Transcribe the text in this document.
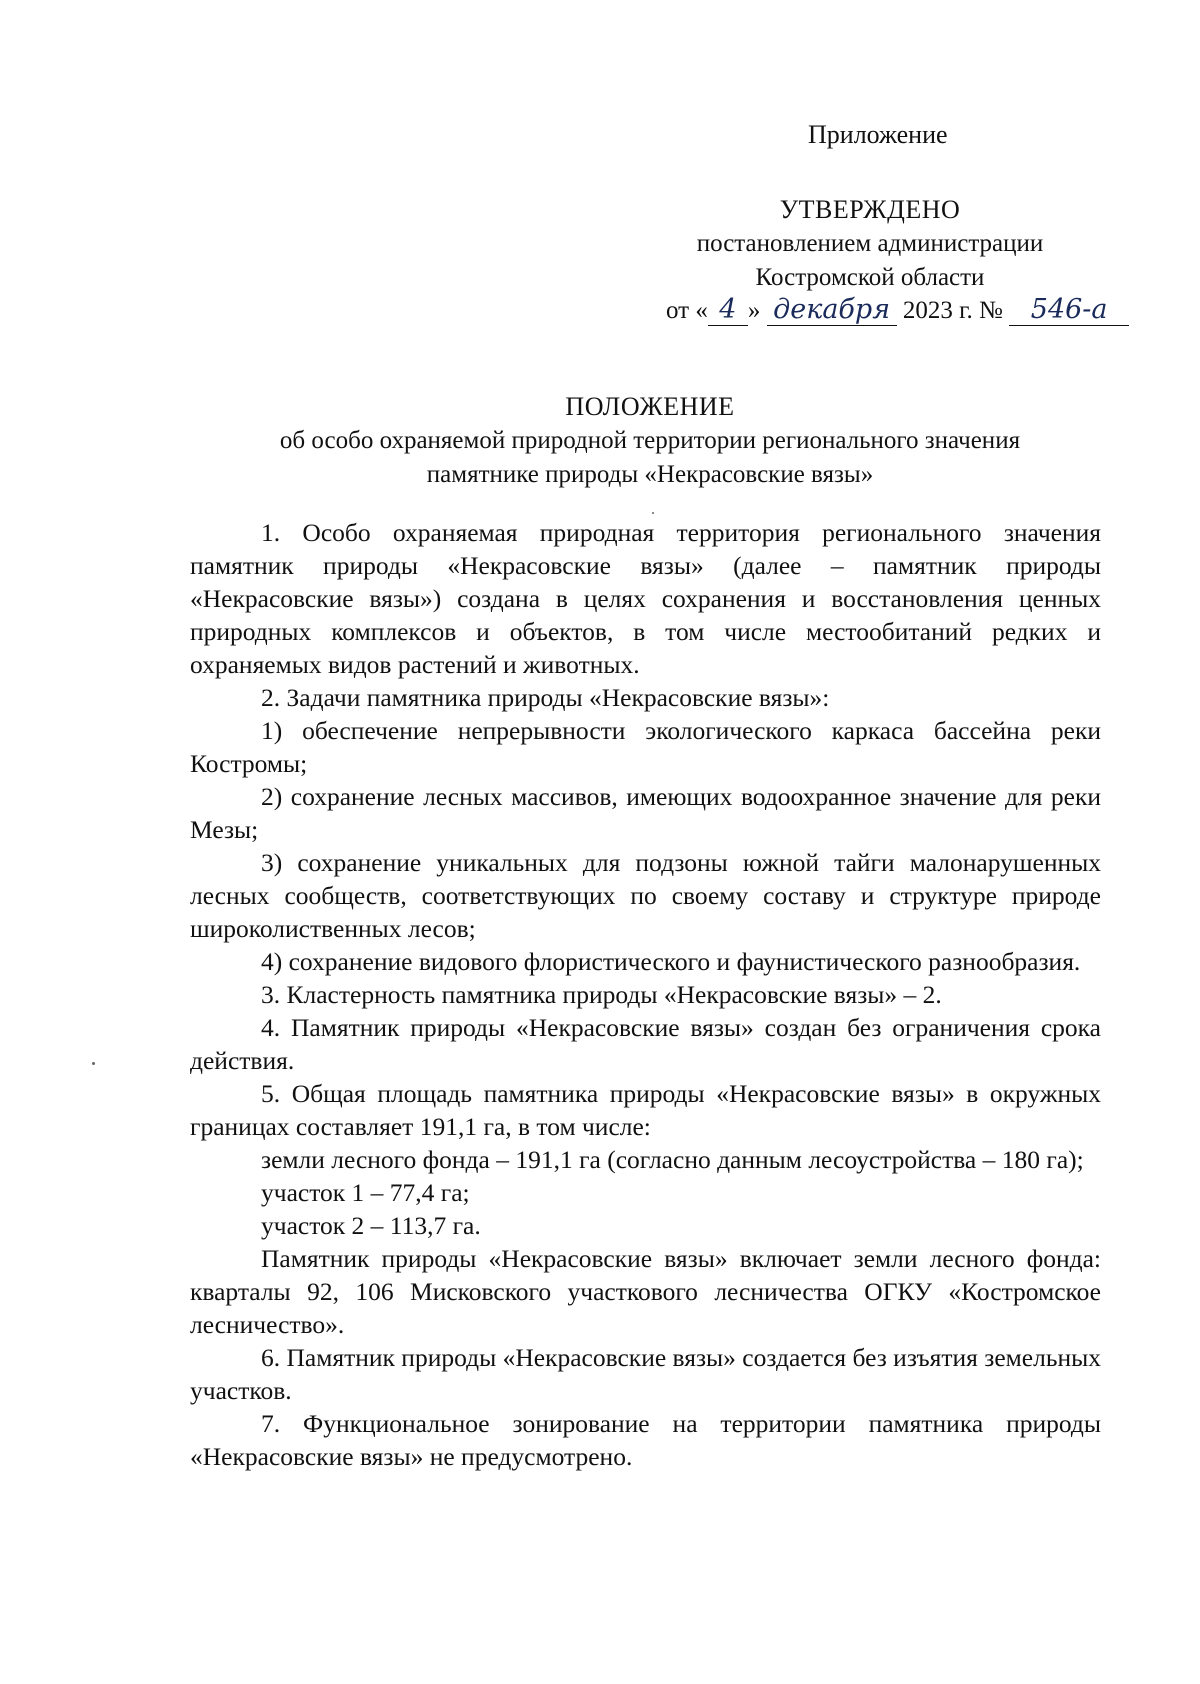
Приложение
УТВЕРЖДЕНО
постановлением администрации
Костромской области
от « 4 » декабря 2023 г. № 546-а
ПОЛОЖЕНИЕ
об особо охраняемой природной территории регионального значения
памятнике природы «Некрасовские вязы»

1. Особо охраняемая природная территория регионального значения памятник природы «Некрасовские вязы» (далее – памятник природы «Некрасовские вязы») создана в целях сохранения и восстановления ценных природных комплексов и объектов, в том числе местообитаний редких и охраняемых видов растений и животных.

2. Задачи памятника природы «Некрасовские вязы»:

1) обеспечение непрерывности экологического каркаса бассейна реки Костромы;

2) сохранение лесных массивов, имеющих водоохранное значение для реки Мезы;

3) сохранение уникальных для подзоны южной тайги малонарушенных лесных сообществ, соответствующих по своему составу и структуре природе широколиственных лесов;

4) сохранение видового флористического и фаунистического разнообразия.

3. Кластерность памятника природы «Некрасовские вязы» – 2.

4. Памятник природы «Некрасовские вязы» создан без ограничения срока действия.

5. Общая площадь памятника природы «Некрасовские вязы» в окружных границах составляет 191,1 га, в том числе:

земли лесного фонда – 191,1 га (согласно данным лесоустройства – 180 га);

участок 1 – 77,4 га;

участок 2 – 113,7 га.

Памятник природы «Некрасовские вязы» включает земли лесного фонда: кварталы 92, 106 Мисковского участкового лесничества ОГКУ «Костромское лесничество».

6. Памятник природы «Некрасовские вязы» создается без изъятия земельных участков.

7. Функциональное зонирование на территории памятника природы «Некрасовские вязы» не предусмотрено.
